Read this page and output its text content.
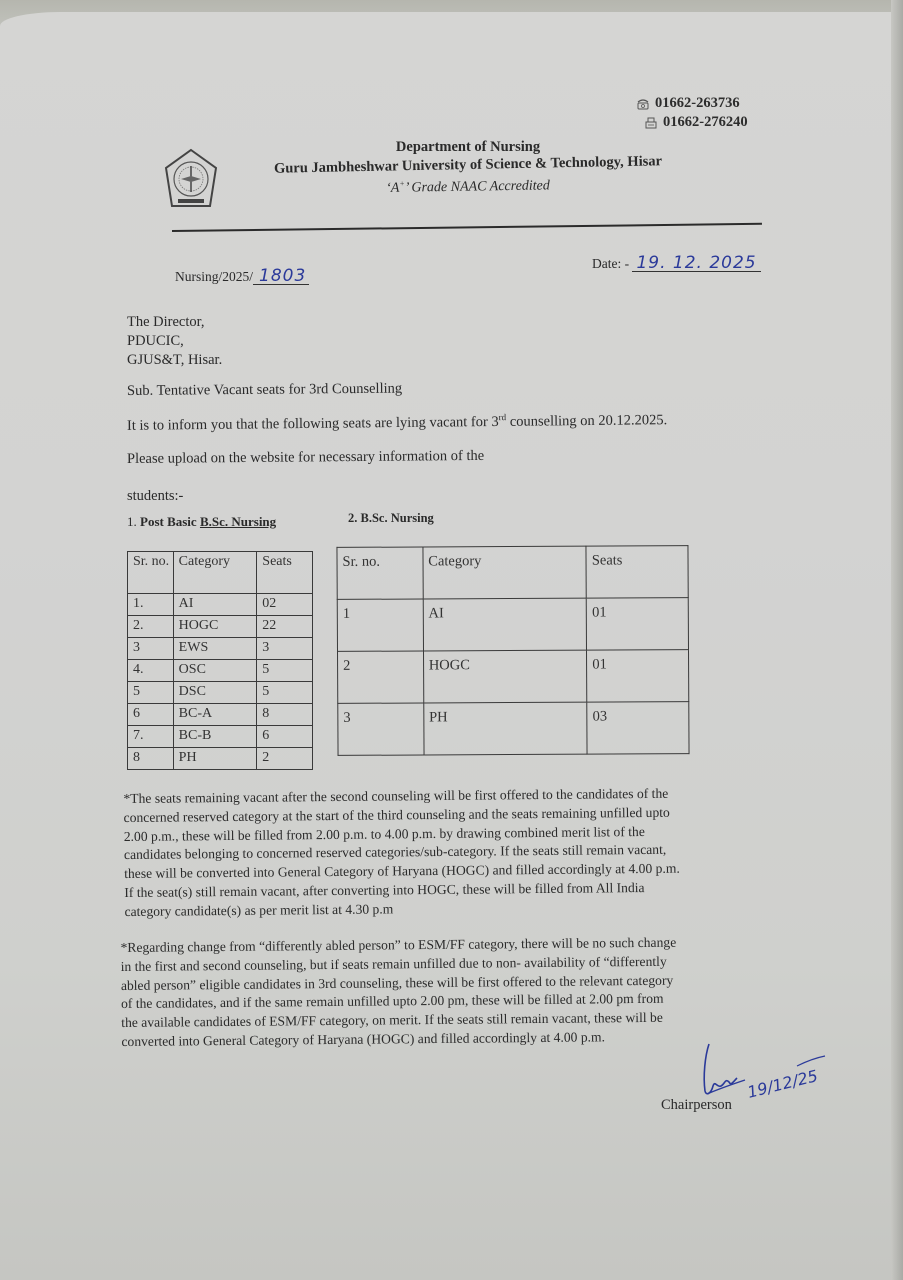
01662-263736
01662-276240
Department of Nursing
Guru Jambheshwar University of Science & Technology, Hisar
‘A+’ Grade NAAC Accredited
Nursing/2025/ 1803
Date: - 19. 12. 2025
The Director,
PDUCIC,
GJUS&T, Hisar.
Sub. Tentative Vacant seats for 3rd Counselling
It is to inform you that the following seats are lying vacant for 3rd counselling on 20.12.2025.
Please upload on the website for necessary information of the
students:-
1. Post Basic B.Sc. Nursing	2. B.Sc. Nursing
Sr. no.	Category	Seats
1.	AI	02
2.	HOGC	22
3	EWS	3
4.	OSC	5
5	DSC	5
6	BC-A	8
7.	BC-B	6
8	PH	2
Sr. no.	Category	Seats
1	AI	01
2	HOGC	01
3	PH	03
*The seats remaining vacant after the second counseling will be first offered to the candidates of the
concerned reserved category at the start of the third counseling and the seats remaining unfilled upto
2.00 p.m., these will be filled from 2.00 p.m. to 4.00 p.m. by drawing combined merit list of the
candidates belonging to concerned reserved categories/sub-category. If the seats still remain vacant,
these will be converted into General Category of Haryana (HOGC) and filled accordingly at 4.00 p.m.
If the seat(s) still remain vacant, after converting into HOGC, these will be filled from All India
category candidate(s) as per merit list at 4.30 p.m
*Regarding change from “differently abled person” to ESM/FF category, there will be no such change
in the first and second counseling, but if seats remain unfilled due to non- availability of “differently
abled person” eligible candidates in 3rd counseling, these will be first offered to the relevant category
of the candidates, and if the same remain unfilled upto 2.00 pm, these will be filled at 2.00 pm from
the available candidates of ESM/FF category, on merit. If the seats still remain vacant, these will be
converted into General Category of Haryana (HOGC) and filled accordingly at 4.00 p.m.
19/12/25
Chairperson
